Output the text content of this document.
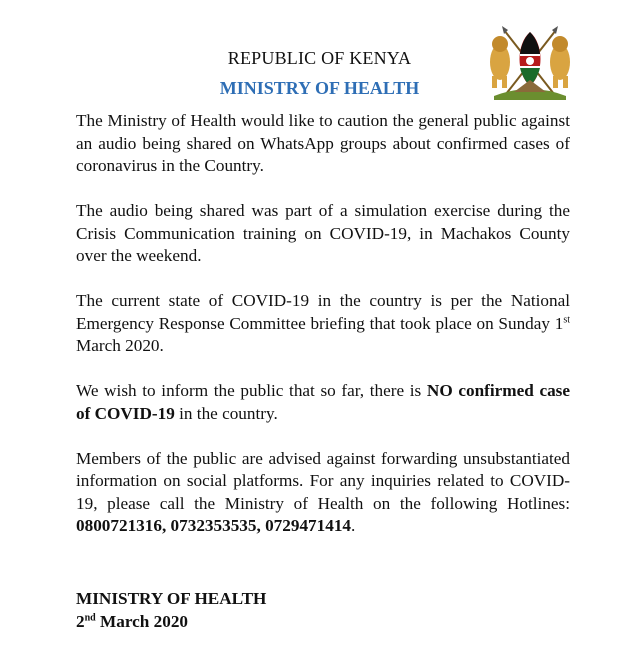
REPUBLIC OF KENYA
MINISTRY OF HEALTH

The Ministry of Health would like to caution the general public against an audio being shared on WhatsApp groups about confirmed cases of coronavirus in the Country.

The audio being shared was part of a simulation exercise during the Crisis Communication training on COVID-19, in Machakos County over the weekend.

The current state of COVID-19 in the country is per the National Emergency Response Committee briefing that took place on Sunday 1st March 2020.

We wish to inform the public that so far, there is NO confirmed case of COVID-19 in the country.

Members of the public are advised against forwarding unsubstantiated information on social platforms. For any inquiries related to COVID-19, please call the Ministry of Health on the following Hotlines: 0800721316, 0732353535, 0729471414.

MINISTRY OF HEALTH
2nd March 2020
